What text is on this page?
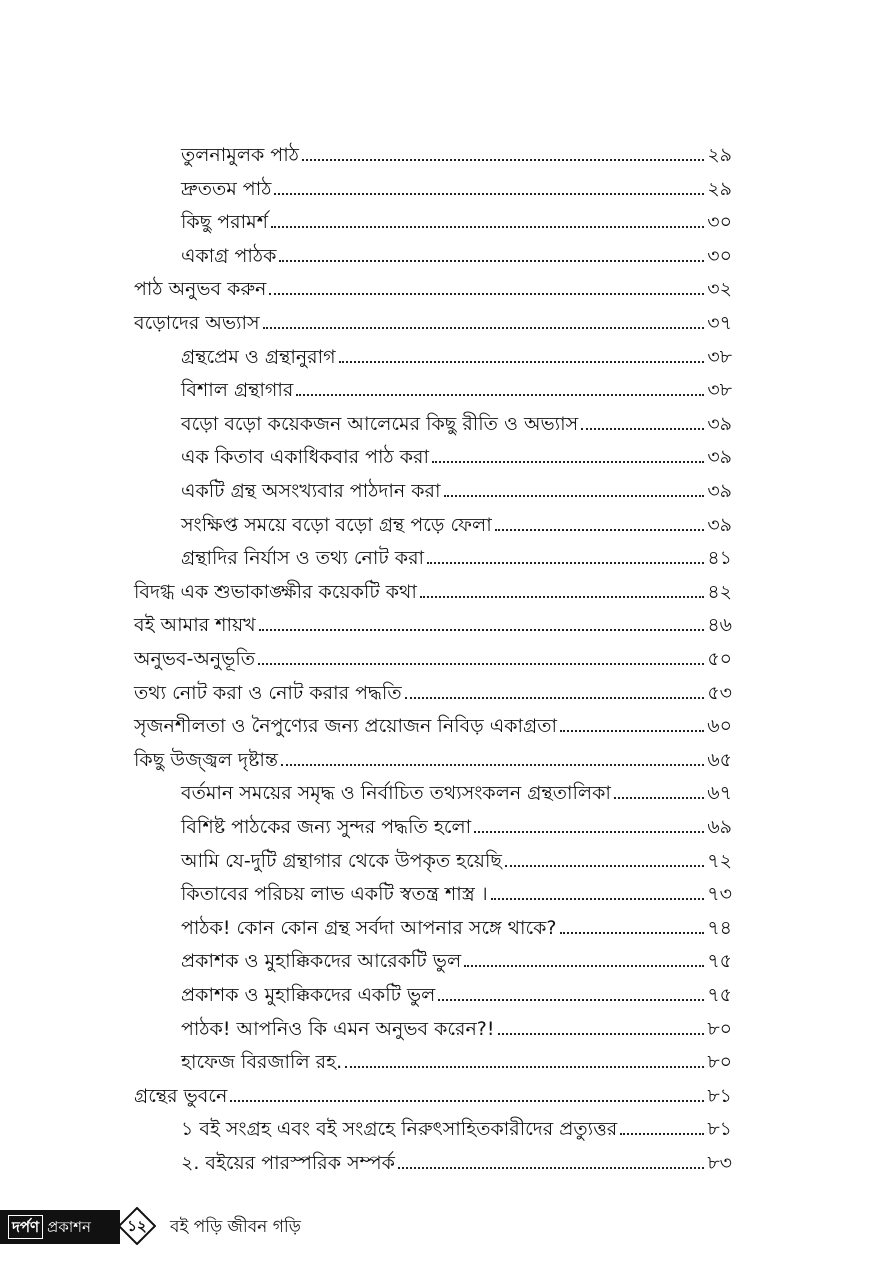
তুলনামুলক পাঠ	২৯
দ্রুততম পাঠ	২৯
কিছু পরামর্শ	৩০
একাগ্র পাঠক	৩০
পাঠ অনুভব করুন	৩২
বড়োদের অভ্যাস	৩৭
গ্রন্থপ্রেম ও গ্রন্থানুরাগ	৩৮
বিশাল গ্রন্থাগার	৩৮
বড়ো বড়ো কয়েকজন আলেমের কিছু রীতি ও অভ্যাস	৩৯
এক কিতাব একাধিকবার পাঠ করা	৩৯
একটি গ্রন্থ অসংখ্যবার পাঠদান করা	৩৯
সংক্ষিপ্ত সময়ে বড়ো বড়ো গ্রন্থ পড়ে ফেলা	৩৯
গ্রন্থাদির নির্যাস ও তথ্য নোট করা	৪১
বিদগ্ধ এক শুভাকাঙ্ক্ষীর কয়েকটি কথা	৪২
বই আমার শায়খ	৪৬
অনুভব-অনুভূতি	৫০
তথ্য নোট করা ও নোট করার পদ্ধতি	৫৩
সৃজনশীলতা ও নৈপুণ্যের জন্য প্রয়োজন নিবিড় একাগ্রতা	৬০
কিছু উজ্জ্বল দৃষ্টান্ত	৬৫
বর্তমান সময়ের সমৃদ্ধ ও নির্বাচিত তথ্যসংকলন গ্রন্থতালিকা	৬৭
বিশিষ্ট পাঠকের জন্য সুন্দর পদ্ধতি হলো	৬৯
আমি যে-দুটি গ্রন্থাগার থেকে উপকৃত হয়েছি	৭২
কিতাবের পরিচয় লাভ একটি স্বতন্ত্র শাস্ত্র ।	৭৩
পাঠক! কোন কোন গ্রন্থ সর্বদা আপনার সঙ্গে থাকে?	৭৪
প্রকাশক ও মুহাক্কিকদের আরেকটি ভুল	৭৫
প্রকাশক ও মুহাক্কিকদের একটি ভুল	৭৫
পাঠক! আপনিও কি এমন অনুভব করেন?!	৮০
হাফেজ বিরজালি রহ.	৮০
গ্রন্থের ভুবনে	৮১
১ বই সংগ্রহ এবং বই সংগ্রহে নিরুৎসাহিতকারীদের প্রত্যুত্তর	৮১
২. বইয়ের পারস্পরিক সম্পর্ক	৮৩
দর্পণ প্রকাশন	১২	বই পড়ি জীবন গড়ি
